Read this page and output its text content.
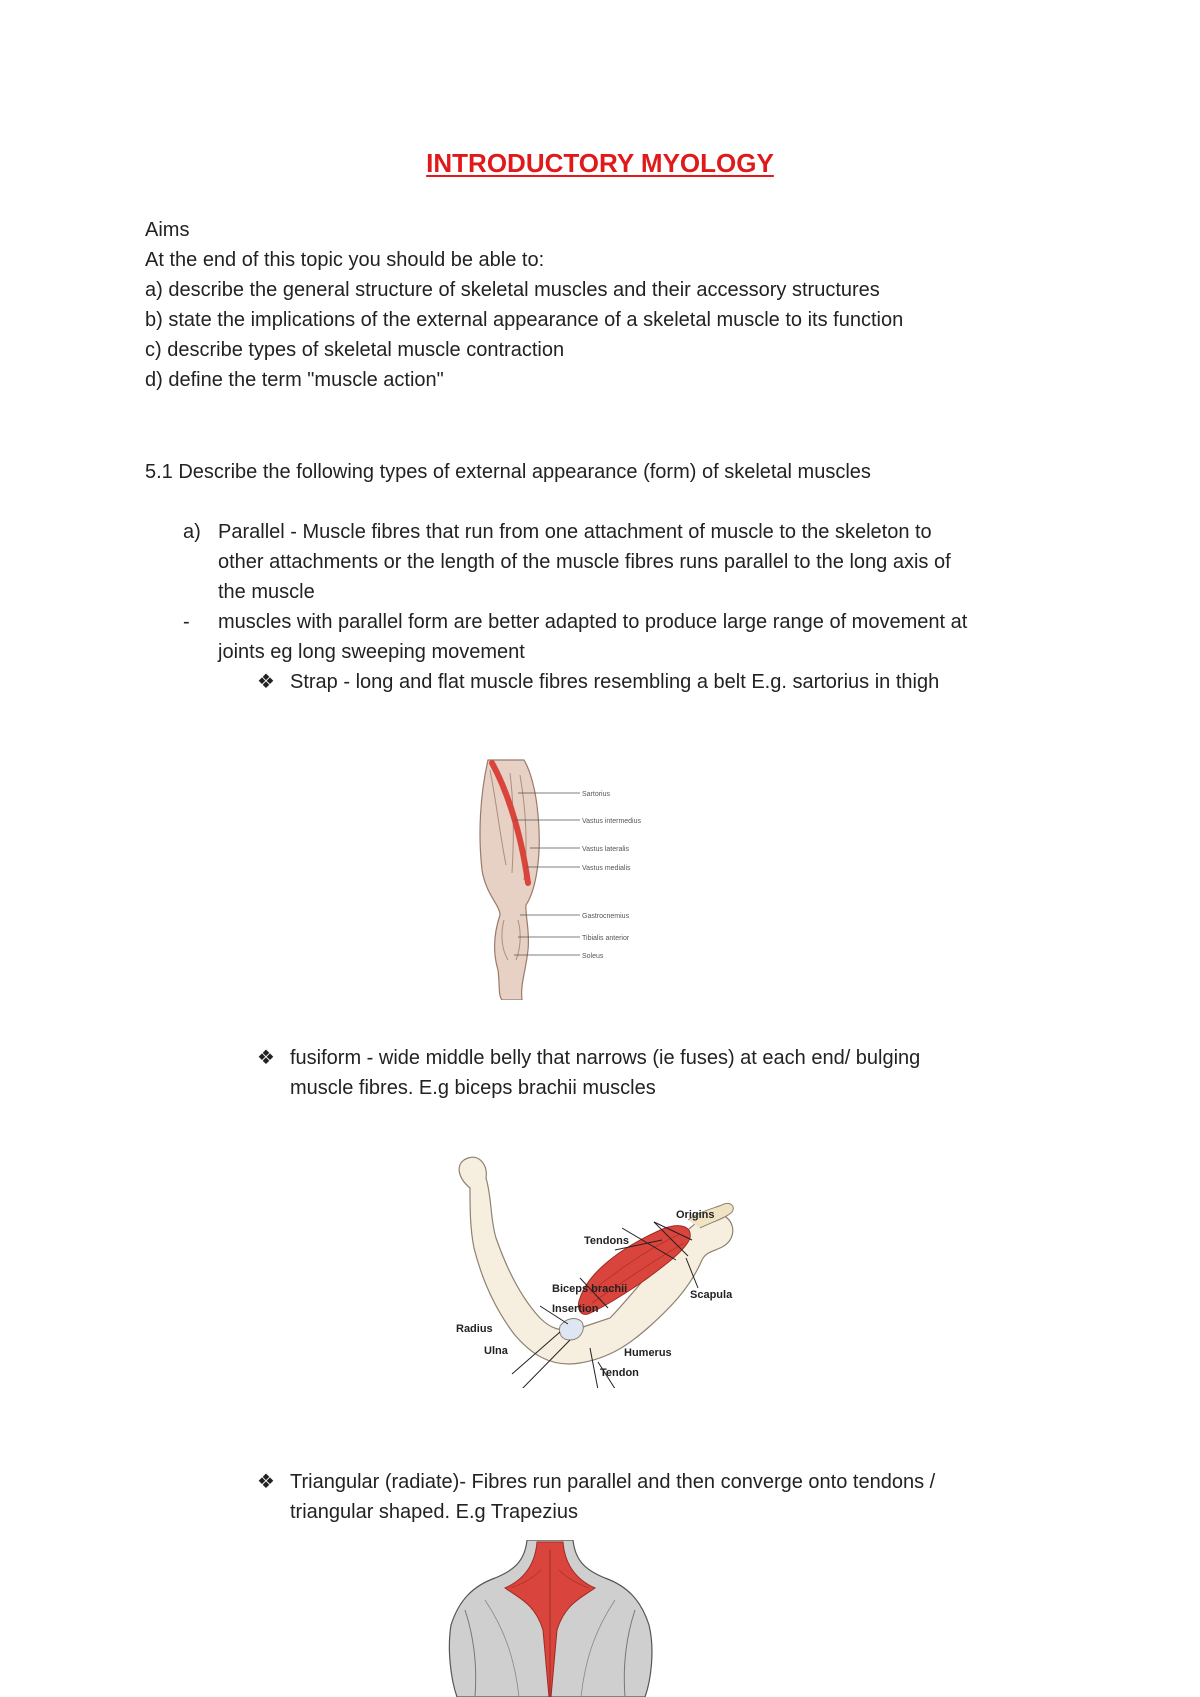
INTRODUCTORY MYOLOGY
Aims
At the end of this topic you should be able to:
a) describe the general structure of skeletal muscles and their accessory structures
b) state the implications of the external appearance of a skeletal muscle to its function
c) describe types of skeletal muscle contraction
d) define the term "muscle action"
5.1 Describe the following types of external appearance (form) of skeletal muscles
a) Parallel - Muscle fibres that run from one attachment of muscle to the skeleton to
other attachments or the length of the muscle fibres runs parallel to the long axis of
the muscle
- muscles with parallel form are better adapted to produce large range of movement at
joints eg long sweeping movement
❖ Strap - long and flat muscle fibres resembling a belt E.g. sartorius in thigh
Sartorius
Vastus intermedius
Vastus lateralis
Vastus medialis
Gastrocnemius
Tibialis anterior
Soleus
❖ fusiform - wide middle belly that narrows (ie fuses) at each end/ bulging
muscle fibres. E.g biceps brachii muscles
Origins
Tendons
Biceps brachii
Insertion
Scapula
Radius
Ulna	Humerus
Tendon
❖ Triangular (radiate)- Fibres run parallel and then converge onto tendons /
triangular shaped. E.g Trapezius
